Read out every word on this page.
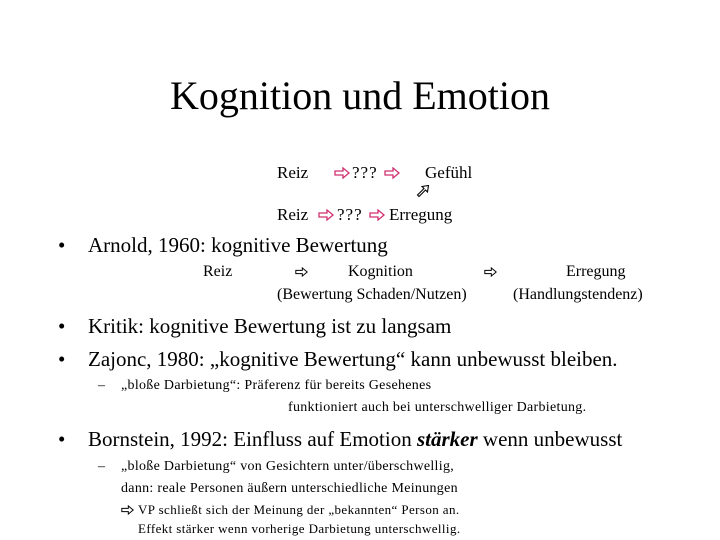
Kognition und Emotion
Reiz	???	Gefühl
Reiz ??? Erregung
• Arnold, 1960: kognitive Bewertung
Reiz	Kognition	Erregung
(Bewertung Schaden/Nutzen)	(Handlungstendenz)
• Kritik: kognitive Bewertung ist zu langsam
• Zajonc, 1980: „kognitive Bewertung“ kann unbewusst bleiben.
– „bloße Darbietung“: Präferenz für bereits Gesehenes
funktioniert auch bei unterschwelliger Darbietung.
• Bornstein, 1992: Einfluss auf Emotion stärker wenn unbewusst
– „bloße Darbietung“ von Gesichtern unter/überschwellig,
dann: reale Personen äußern unterschiedliche Meinungen
VP schließt sich der Meinung der „bekannten“ Person an.
Effekt stärker wenn vorherige Darbietung unterschwellig.
